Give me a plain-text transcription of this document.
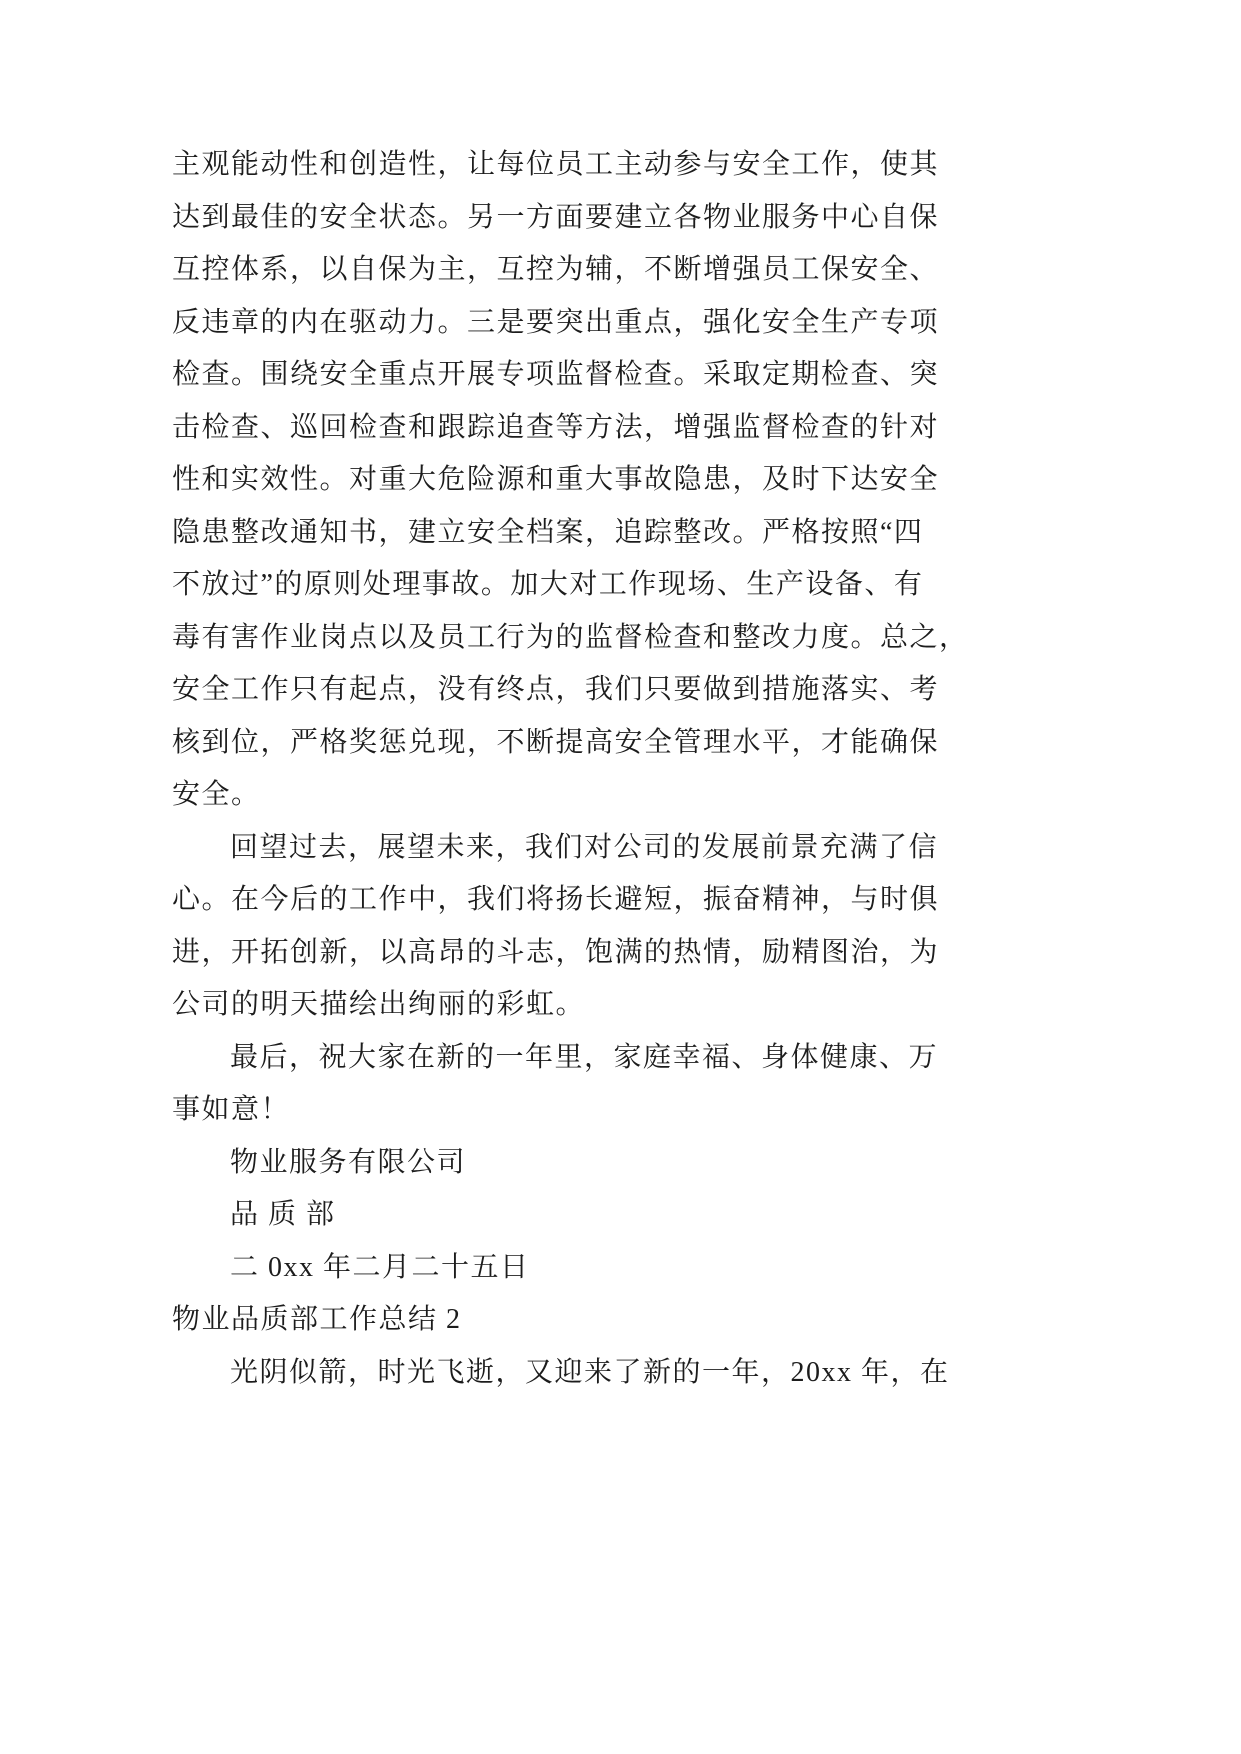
主观能动性和创造性，让每位员工主动参与安全工作，使其
达到最佳的安全状态。另一方面要建立各物业服务中心自保
互控体系，以自保为主，互控为辅，不断增强员工保安全、
反违章的内在驱动力。三是要突出重点，强化安全生产专项
检查。围绕安全重点开展专项监督检查。采取定期检查、突
击检查、巡回检查和跟踪追查等方法，增强监督检查的针对
性和实效性。对重大危险源和重大事故隐患，及时下达安全
隐患整改通知书，建立安全档案，追踪整改。严格按照“四
不放过”的原则处理事故。加大对工作现场、生产设备、有
毒有害作业岗点以及员工行为的监督检查和整改力度。总之，
安全工作只有起点，没有终点，我们只要做到措施落实、考
核到位，严格奖惩兑现，不断提高安全管理水平，才能确保
安全。
回望过去，展望未来，我们对公司的发展前景充满了信
心。在今后的工作中，我们将扬长避短，振奋精神，与时俱
进，开拓创新，以高昂的斗志，饱满的热情，励精图治，为
公司的明天描绘出绚丽的彩虹。
最后，祝大家在新的一年里，家庭幸福、身体健康、万
事如意！
物业服务有限公司
品 质 部
二 0xx 年二月二十五日
物业品质部工作总结 2
光阴似箭，时光飞逝，又迎来了新的一年，20xx 年，在
